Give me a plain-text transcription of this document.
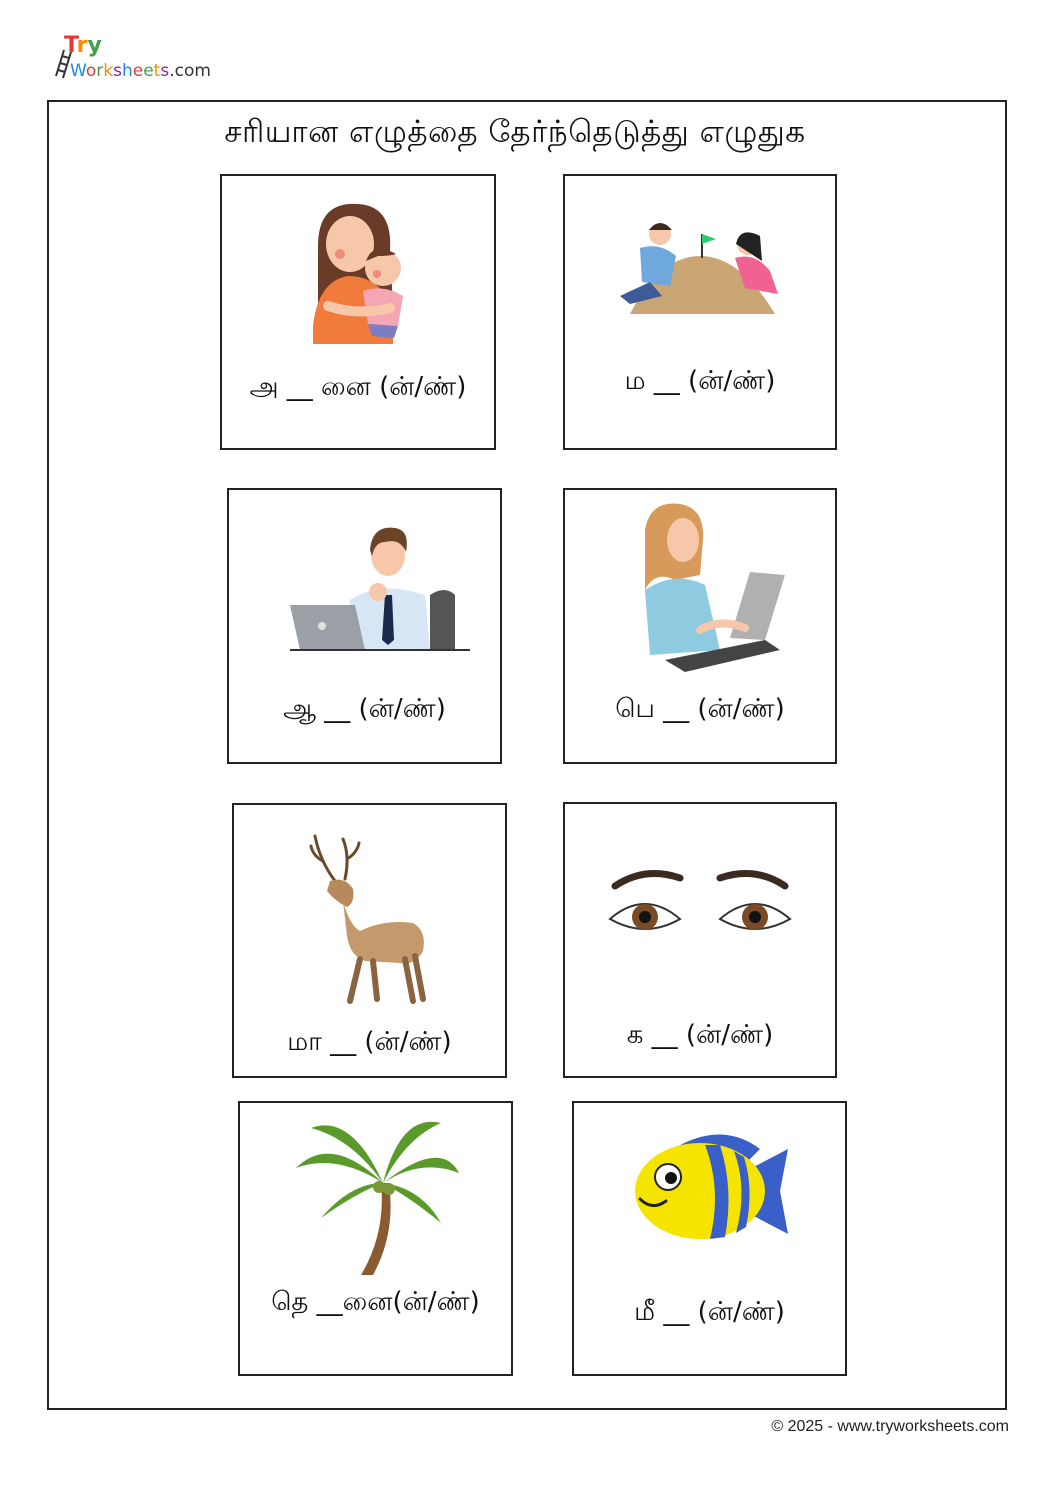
Try
Worksheets.com
சரியான எழுத்தை தேர்ந்தெடுத்து எழுதுக
அ __ னை (ன்/ண்)	ம __ (ன்/ண்)
ஆ __ (ன்/ண்)	பெ __ (ன்/ண்)
மா __ (ன்/ண்)	க __ (ன்/ண்)
தெ __னை(ன்/ண்)	மீ __ (ன்/ண்)
© 2025 - www.tryworksheets.com
